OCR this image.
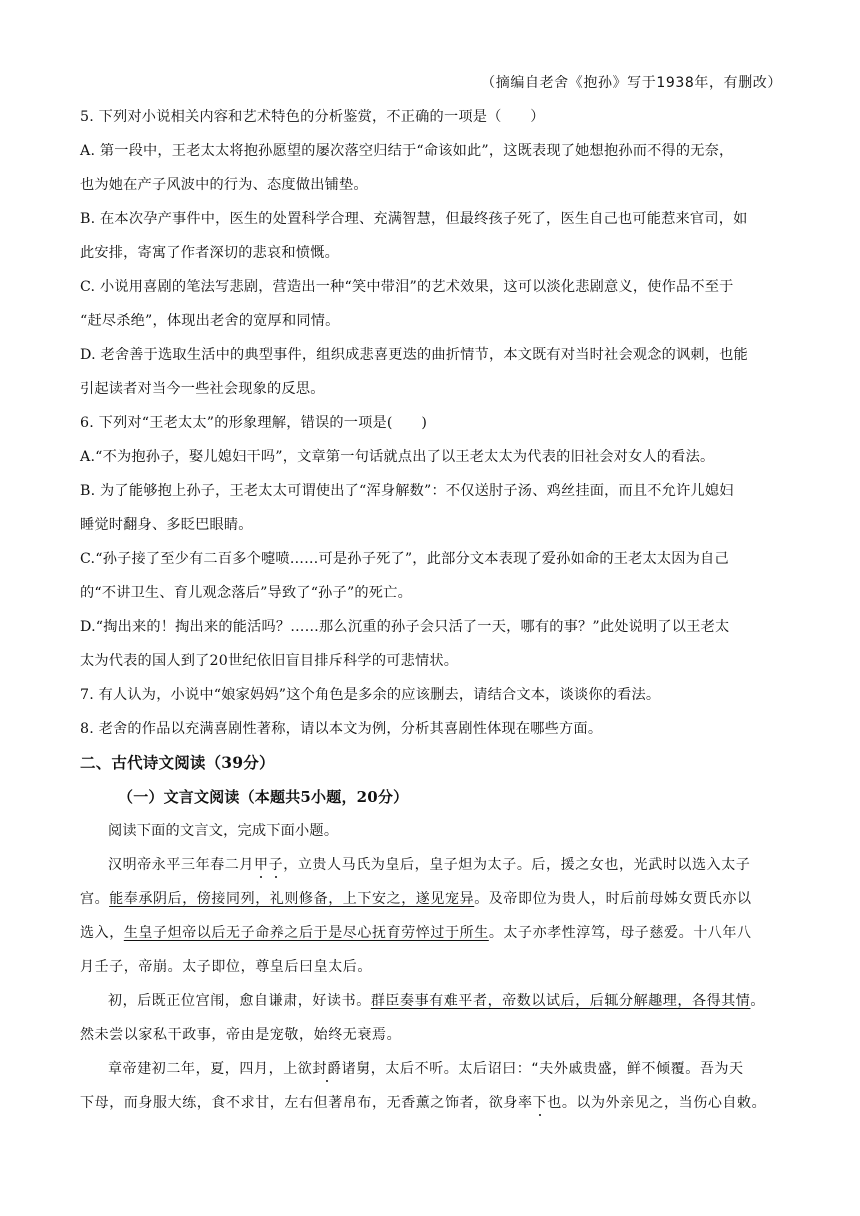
（摘编自老舍《抱孙》写于1938年，有删改）
5. 下列对小说相关内容和艺术特色的分析鉴赏，不正确的一项是（　　）
A. 第一段中，王老太太将抱孙愿望的屡次落空归结于“命该如此”，这既表现了她想抱孙而不得的无奈，
也为她在产子风波中的行为、态度做出铺垫。
B. 在本次孕产事件中，医生的处置科学合理、充满智慧，但最终孩子死了，医生自己也可能惹来官司，如
此安排，寄寓了作者深切的悲哀和愤慨。
C. 小说用喜剧的笔法写悲剧，营造出一种“笑中带泪”的艺术效果，这可以淡化悲剧意义，使作品不至于
“赶尽杀绝”，体现出老舍的宽厚和同情。
D. 老舍善于选取生活中的典型事件，组织成悲喜更迭的曲折情节，本文既有对当时社会观念的讽刺，也能
引起读者对当今一些社会现象的反思。
6. 下列对“王老太太”的形象理解，错误的一项是(　　)
A.“不为抱孙子，娶儿媳妇干吗”，文章第一句话就点出了以王老太太为代表的旧社会对女人的看法。
B. 为了能够抱上孙子，王老太太可谓使出了“浑身解数”：不仅送肘子汤、鸡丝挂面，而且不允许儿媳妇
睡觉时翻身、多眨巴眼睛。
C.“孙子接了至少有二百多个嚏喷……可是孙子死了”，此部分文本表现了爱孙如命的王老太太因为自己
的“不讲卫生、育儿观念落后”导致了“孙子”的死亡。
D.“掏出来的！掏出来的能活吗？……那么沉重的孙子会只活了一天，哪有的事？”此处说明了以王老太
太为代表的国人到了20世纪依旧盲目排斥科学的可悲情状。
7. 有人认为，小说中“娘家妈妈”这个角色是多余的应该删去，请结合文本，谈谈你的看法。
8. 老舍的作品以充满喜剧性著称，请以本文为例，分析其喜剧性体现在哪些方面。
二、古代诗文阅读（39分）
（一）文言文阅读（本题共5小题，20分）
阅读下面的文言文，完成下面小题。
汉明帝永平三年春二月甲子，立贵人马氏为皇后，皇子炟为太子。后，援之女也，光武时以选入太子
宫。能奉承阴后，傍接同列，礼则修备，上下安之，遂见宠异。及帝即位为贵人，时后前母姊女贾氏亦以
选入，生皇子炟帝以后无子命养之后于是尽心抚育劳悴过于所生。太子亦孝性淳笃，母子慈爱。十八年八
月壬子，帝崩。太子即位，尊皇后曰皇太后。
初，后既正位宫闱，愈自谦肃，好读书。群臣奏事有难平者，帝数以试后，后辄分解趣理，各得其情。
然未尝以家私干政事，帝由是宠敬，始终无衰焉。
章帝建初二年，夏，四月，上欲封爵诸舅，太后不听。太后诏曰：“夫外戚贵盛，鲜不倾覆。吾为天
下母，而身服大练，食不求甘，左右但著帛布，无香薰之饰者，欲身率下也。以为外亲见之，当伤心自敕。
